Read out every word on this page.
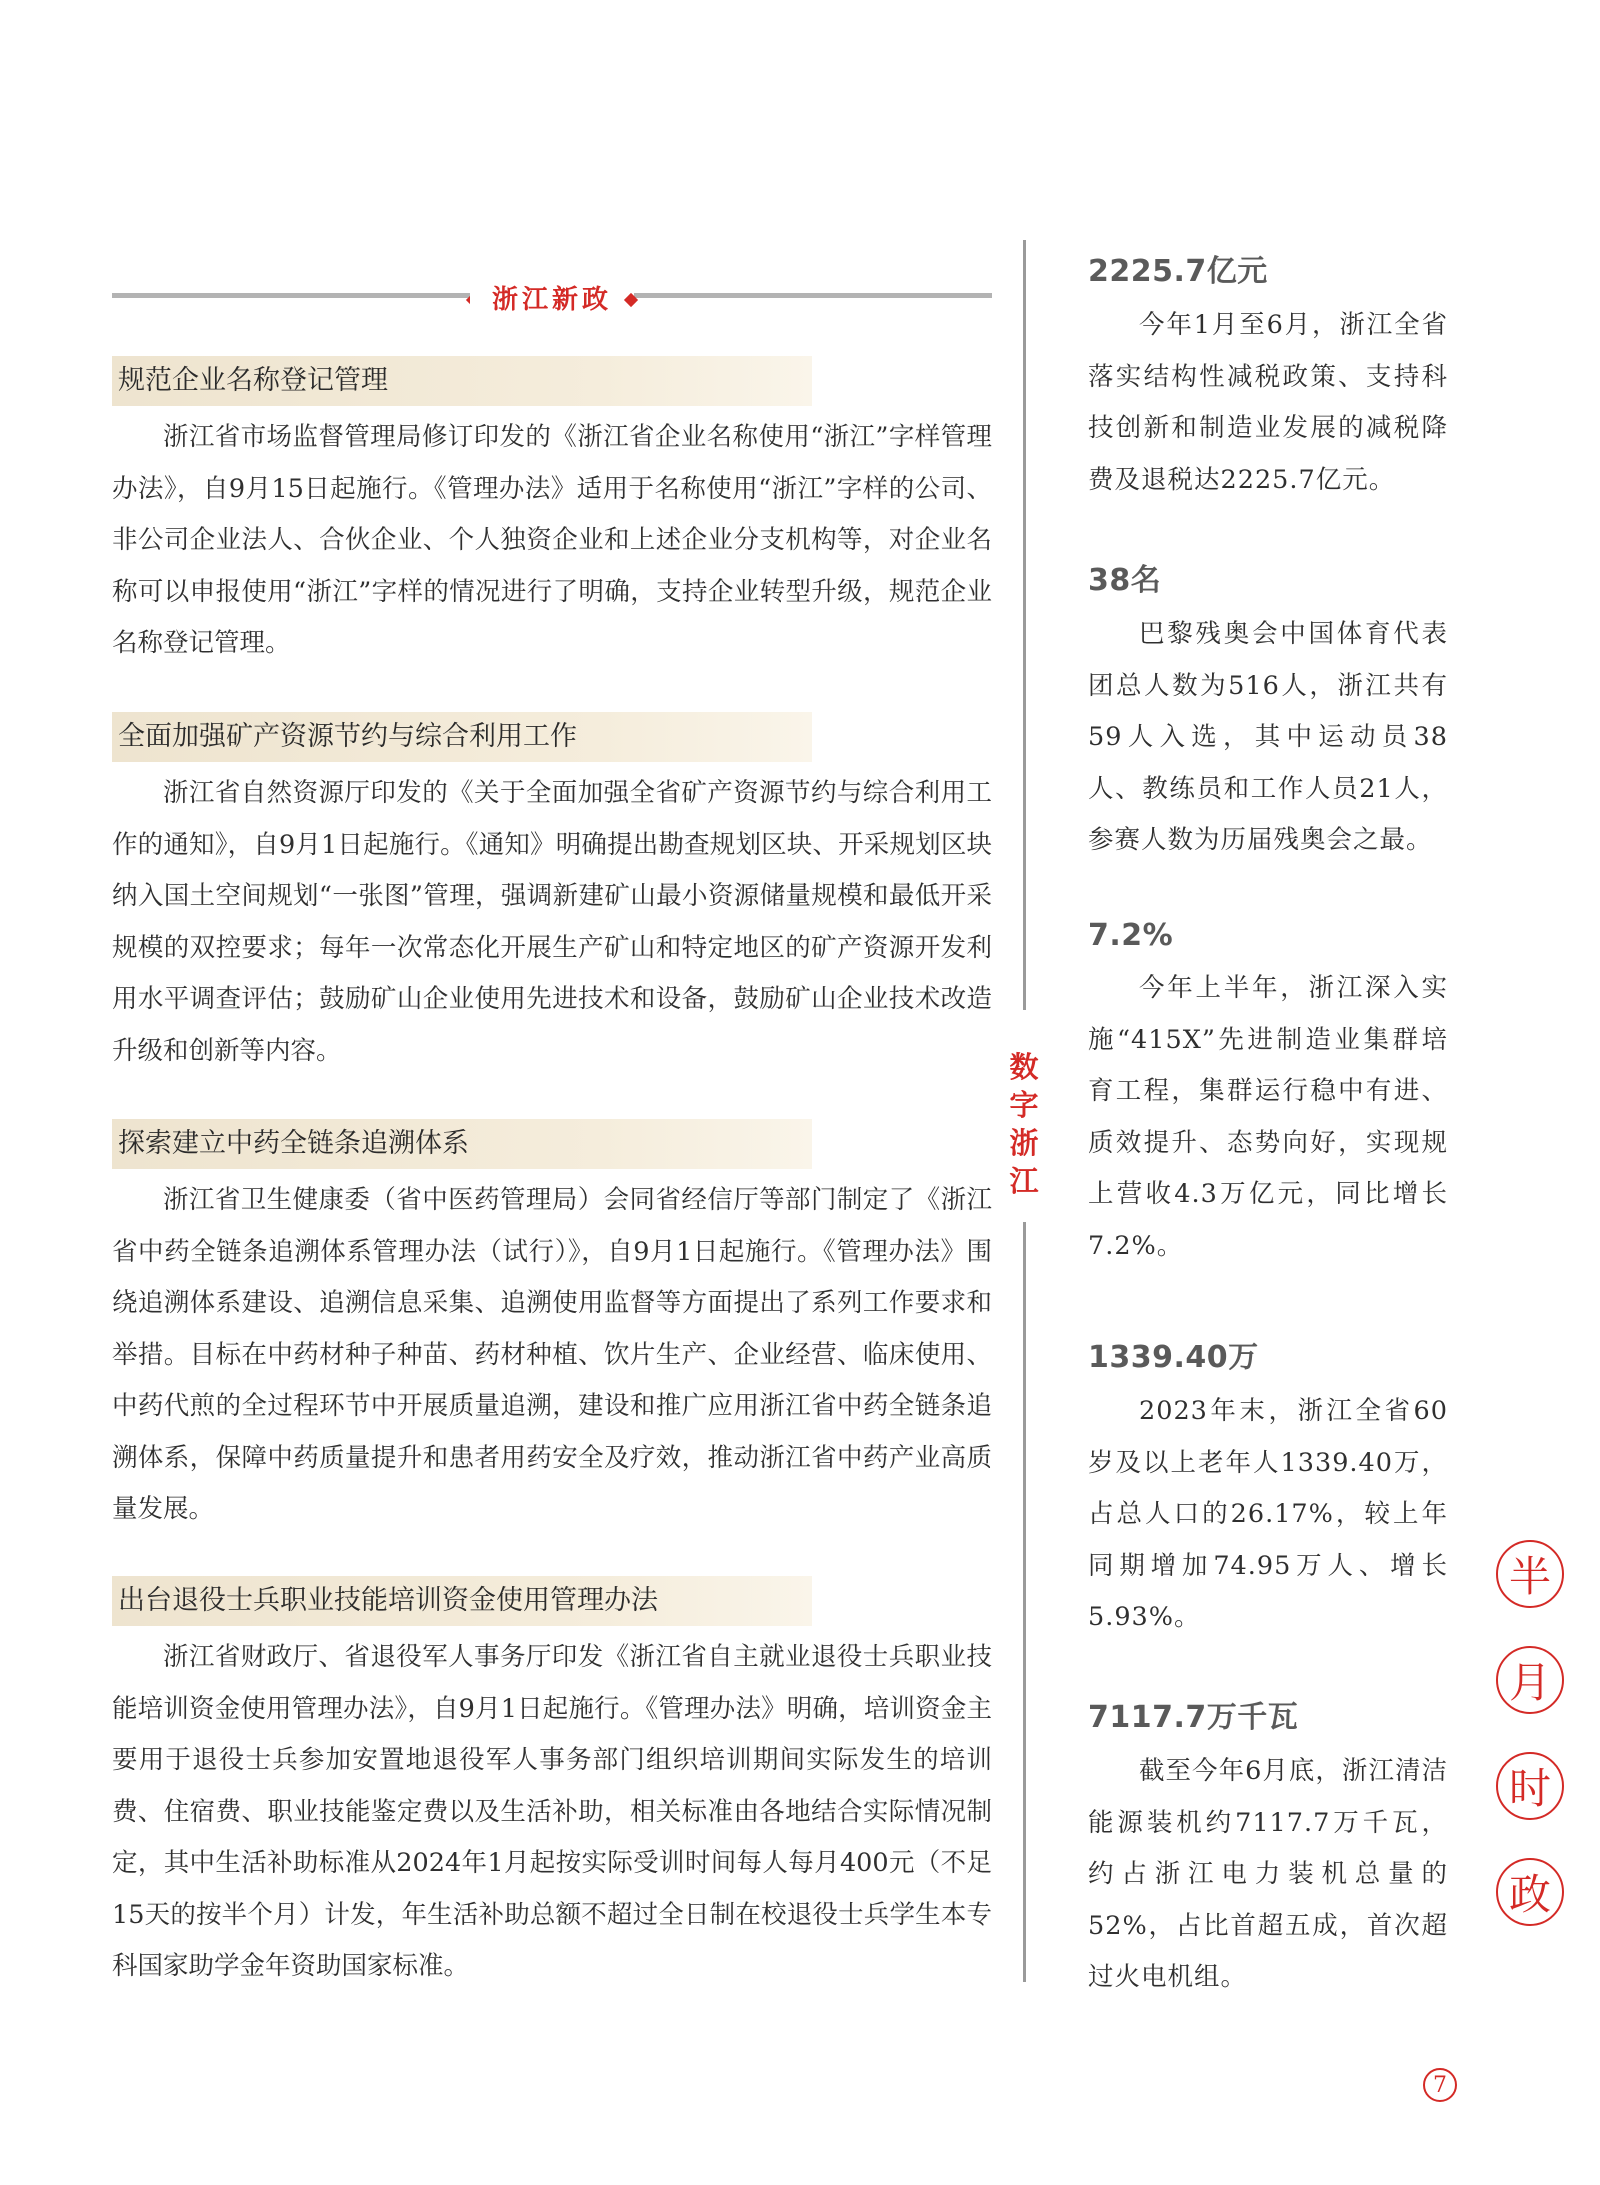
浙江新政
规范企业名称登记管理

浙江省市场监督管理局修订印发的《浙江省企业名称使用“浙江”字样管理办法》，自9月15日起施行。《管理办法》适用于名称使用“浙江”字样的公司、非公司企业法人、合伙企业、个人独资企业和上述企业分支机构等，对企业名称可以申报使用“浙江”字样的情况进行了明确，支持企业转型升级，规范企业名称登记管理。

全面加强矿产资源节约与综合利用工作

浙江省自然资源厅印发的《关于全面加强全省矿产资源节约与综合利用工作的通知》，自9月1日起施行。《通知》明确提出勘查规划区块、开采规划区块纳入国土空间规划“一张图”管理，强调新建矿山最小资源储量规模和最低开采规模的双控要求；每年一次常态化开展生产矿山和特定地区的矿产资源开发利用水平调查评估；鼓励矿山企业使用先进技术和设备，鼓励矿山企业技术改造升级和创新等内容。

探索建立中药全链条追溯体系

浙江省卫生健康委（省中医药管理局）会同省经信厅等部门制定了《浙江省中药全链条追溯体系管理办法（试行）》，自9月1日起施行。《管理办法》围绕追溯体系建设、追溯信息采集、追溯使用监督等方面提出了系列工作要求和举措。目标在中药材种子种苗、药材种植、饮片生产、企业经营、临床使用、中药代煎的全过程环节中开展质量追溯，建设和推广应用浙江省中药全链条追溯体系，保障中药质量提升和患者用药安全及疗效，推动浙江省中药产业高质量发展。

出台退役士兵职业技能培训资金使用管理办法

浙江省财政厅、省退役军人事务厅印发《浙江省自主就业退役士兵职业技能培训资金使用管理办法》，自9月1日起施行。《管理办法》明确，培训资金主要用于退役士兵参加安置地退役军人事务部门组织培训期间实际发生的培训费、住宿费、职业技能鉴定费以及生活补助，相关标准由各地结合实际情况制定，其中生活补助标准从2024年1月起按实际受训时间每人每月400元（不足15天的按半个月）计发，年生活补助总额不超过全日制在校退役士兵学生本专科国家助学金年资助国家标准。

数
字
浙
江

2225.7亿元

今年1月至6月，浙江全省落实结构性减税政策、支持科技创新和制造业发展的减税降费及退税达2225.7亿元。

38名

巴黎残奥会中国体育代表团总人数为516人，浙江共有59人入选，其中运动员38人、教练员和工作人员21人，参赛人数为历届残奥会之最。

7.2%

今年上半年，浙江深入实施“415X”先进制造业集群培育工程，集群运行稳中有进、质效提升、态势向好，实现规上营收4.3万亿元，同比增长7.2%。

1339.40万

2023年末，浙江全省60岁及以上老年人1339.40万，占总人口的26.17%，较上年同期增加74.95万人、增长5.93%。

7117.7万千瓦

截至今年6月底，浙江清洁能源装机约7117.7万千瓦，约占浙江电力装机总量的52%，占比首超五成，首次超过火电机组。

半
月
时
政
7
